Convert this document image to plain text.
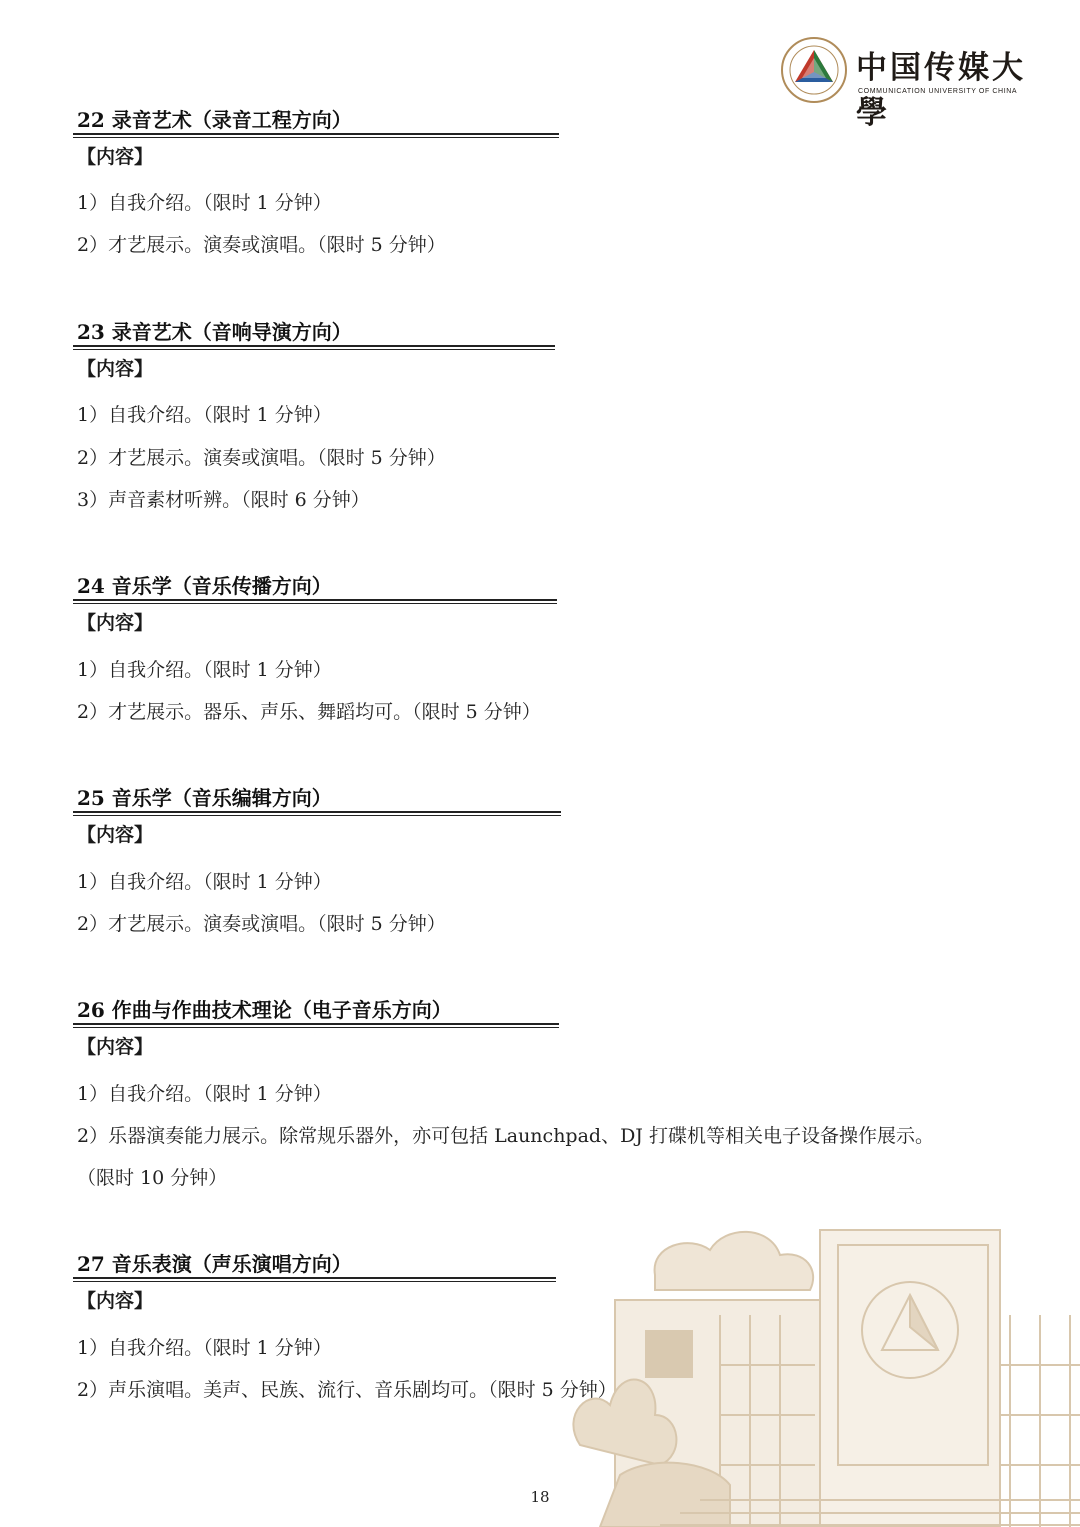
中国传媒大學
COMMUNICATION UNIVERSITY OF CHINA
22 录音艺术（录音工程方向）
【内容】
1）自我介绍。（限时 1 分钟）
2）才艺展示。演奏或演唱。（限时 5 分钟）
23 录音艺术（音响导演方向）
【内容】
1）自我介绍。（限时 1 分钟）
2）才艺展示。演奏或演唱。（限时 5 分钟）
3）声音素材听辨。（限时 6 分钟）
24 音乐学（音乐传播方向）
【内容】
1）自我介绍。（限时 1 分钟）
2）才艺展示。器乐、声乐、舞蹈均可。（限时 5 分钟）
25 音乐学（音乐编辑方向）
【内容】
1）自我介绍。（限时 1 分钟）
2）才艺展示。演奏或演唱。（限时 5 分钟）
26 作曲与作曲技术理论（电子音乐方向）
【内容】
1）自我介绍。（限时 1 分钟）
2）乐器演奏能力展示。除常规乐器外，亦可包括 Launchpad、DJ 打碟机等相关电子设备操作展示。
（限时 10 分钟）
27 音乐表演（声乐演唱方向）
【内容】
1）自我介绍。（限时 1 分钟）
2）声乐演唱。美声、民族、流行、音乐剧均可。（限时 5 分钟）
18
